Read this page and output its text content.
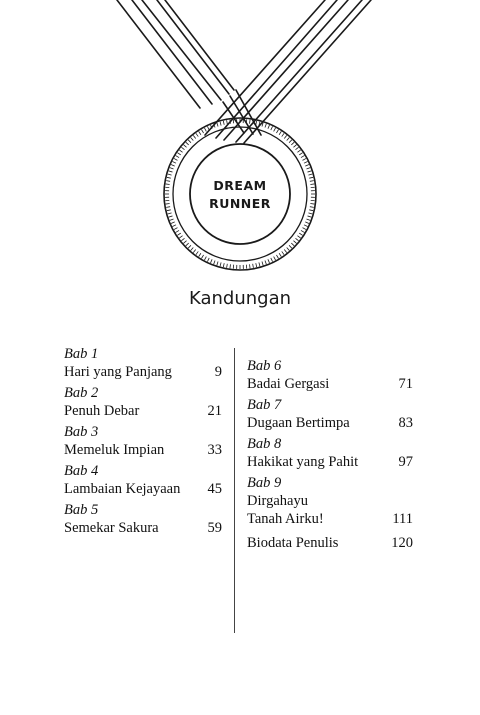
DREAM
RUNNER
Kandungan
Bab 1
Hari yang Panjang	9
Bab 2
Penuh Debar	21
Bab 3
Memeluk Impian	33
Bab 4
Lambaian Kejayaan	45
Bab 5
Semekar Sakura	59
Bab 6
Badai Gergasi	71
Bab 7
Dugaan Bertimpa	83
Bab 8
Hakikat yang Pahit	97
Bab 9
Dirgahayu
Tanah Airku!	111
Biodata Penulis	120
